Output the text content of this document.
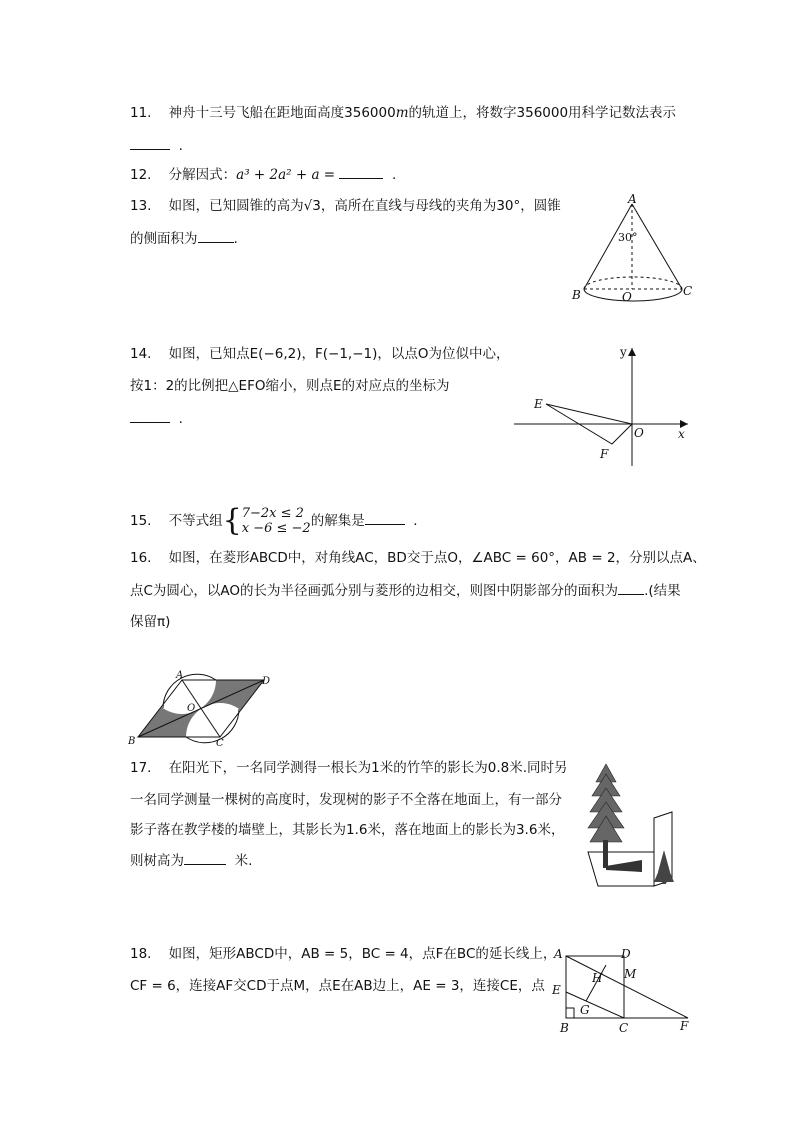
11. 神舟十三号飞船在距地面高度356000m的轨道上，将数字356000用科学记数法表示
.
12. 分解因式：a³ + 2a² + a =	.
13. 如图，已知圆锥的高为√3，高所在直线与母线的夹角为30°，圆锥
的侧面积为	.
A
30°
B	C
O
14. 如图，已知点E(−6,2)，F(−1,−1)，以点O为位似中心，
按1：2的比例把△EFO缩小，则点E的对应点的坐标为
.
y
x
E
F
O
15. 不等式组{7−2x ≤ 2
x −6 ≤ −2的解集是	.
16. 如图，在菱形ABCD中，对角线AC，BD交于点O，∠ABC = 60°，AB = 2，分别以点A、
点C为圆心，以AO的长为半径画弧分别与菱形的边相交，则图中阴影部分的面积为 .(结果
保留π)
A
D
O
B	C
17. 在阳光下，一名同学测得一根长为1米的竹竿的影长为0.8米.同时另
一名同学测量一棵树的高度时，发现树的影子不全落在地面上，有一部分
影子落在教学楼的墙壁上，其影长为1.6米，落在地面上的影长为3.6米，
则树高为	米.
18. 如图，矩形ABCD中，AB = 5，BC = 4，点F在BC的延长线上，
CF = 6，连接AF交CD于点M，点E在AB边上，AE = 3，连接CE，点
A	D
M
H
E
G
B	C	F
